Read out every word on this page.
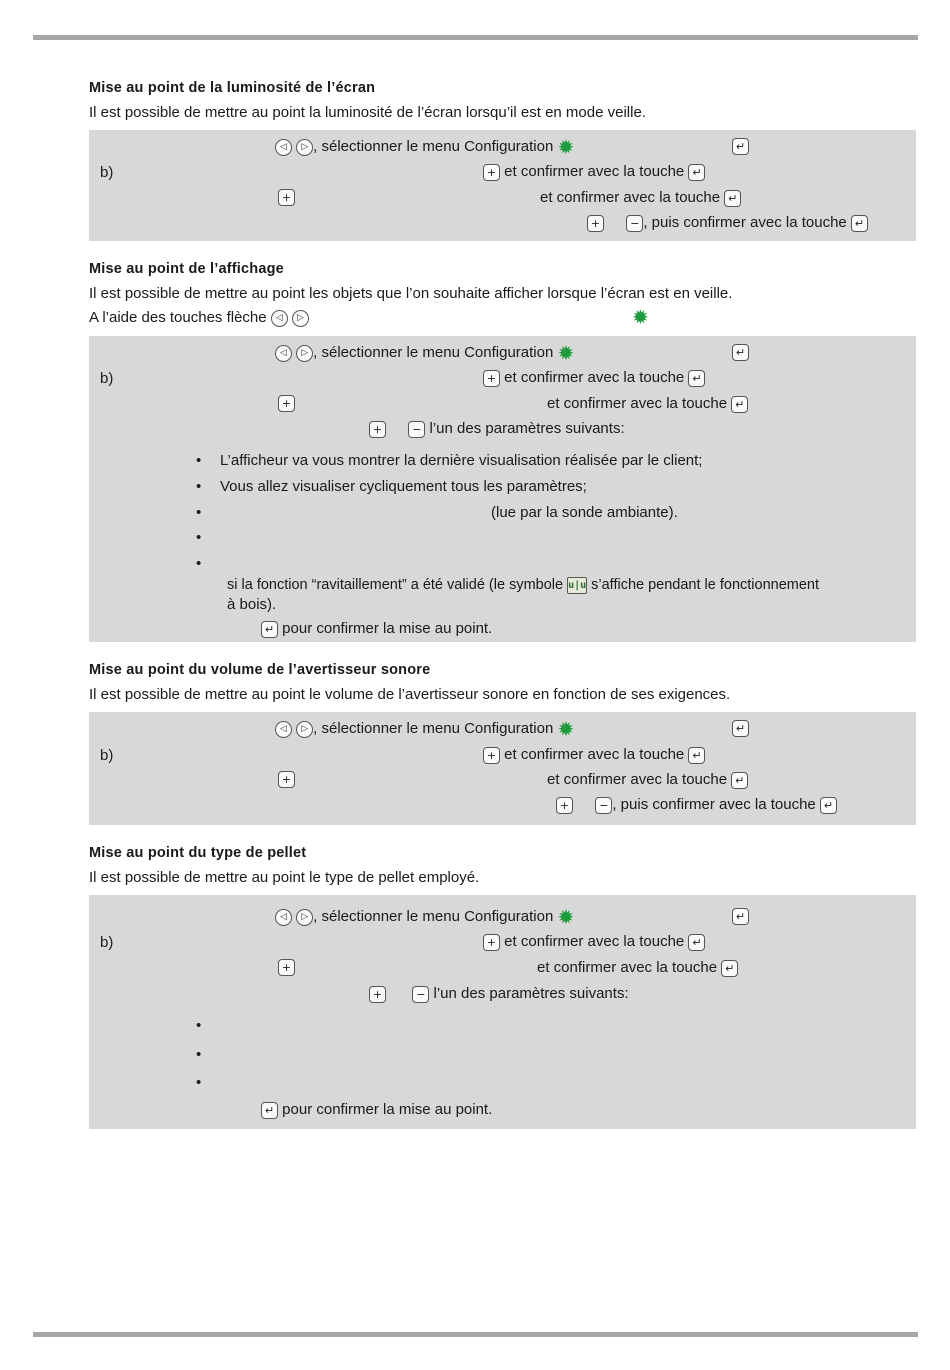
Mise au point de la luminosité de l’écran
Il est possible de mettre au point la luminosité de l’écran lorsqu’il est en mode veille.
◁ ▷ , sélectionner le menu Configuration ✹	↵
b)	+ et confirmer avec la touche ↵
+	et confirmer avec la touche ↵
+	− , puis confirmer avec la touche ↵
Mise au point de l’affichage
Il est possible de mettre au point les objets que l’on souhaite afficher lorsque l’écran est en veille.
A l’aide des touches flèche ◁ ▷	✹
◁ ▷ , sélectionner le menu Configuration ✹	↵
b)	+ et confirmer avec la touche ↵
+	et confirmer avec la touche ↵
+	− l’un des paramètres suivants:
• L’afficheur va vous montrer la dernière visualisation réalisée par le client;
• Vous allez visualiser cycliquement tous les paramètres;
•	(lue par la sonde ambiante).
•
•
si la fonction “ravitaillement” a été validé (le symbole u|u s’affiche pendant le fonctionnement
à bois).
↵ pour confirmer la mise au point.
Mise au point du volume de l’avertisseur sonore
Il est possible de mettre au point le volume de l’avertisseur sonore en fonction de ses exigences.
◁ ▷ , sélectionner le menu Configuration ✹	↵
b)	+ et confirmer avec la touche ↵
+	et confirmer avec la touche ↵
+	− , puis confirmer avec la touche ↵
Mise au point du type de pellet
Il est possible de mettre au point le type de pellet employé.
◁ ▷ , sélectionner le menu Configuration ✹	↵
b)	+ et confirmer avec la touche ↵
+	et confirmer avec la touche ↵
+	− l’un des paramètres suivants:
•
•
•
↵ pour confirmer la mise au point.
